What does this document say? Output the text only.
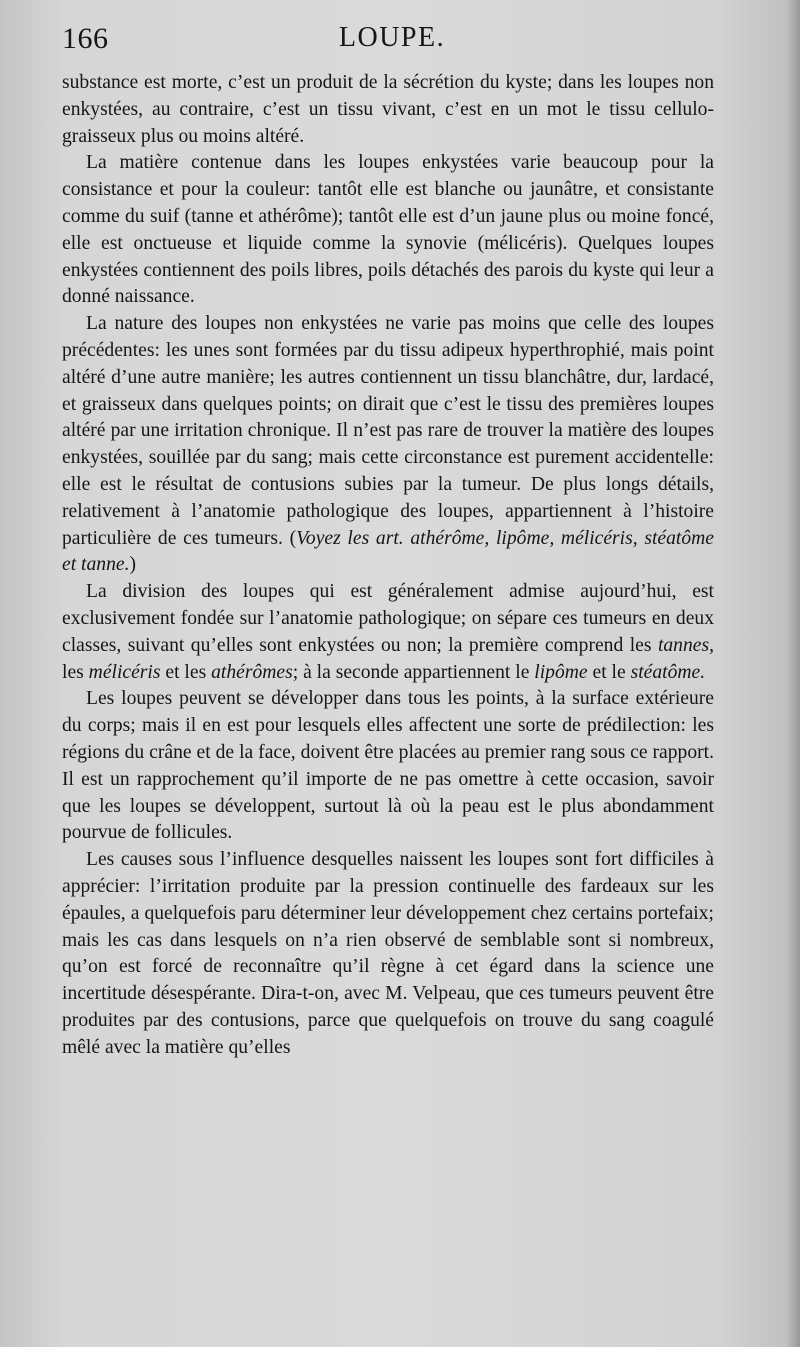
166	LOUPE.

substance est morte, c’est un produit de la sécrétion du kyste; dans les loupes non enkystées, au contraire, c’est un tissu vivant, c’est en un mot le tissu cellulo-graisseux plus ou moins altéré.

La matière contenue dans les loupes enkystées varie beaucoup pour la consistance et pour la couleur: tantôt elle est blanche ou jaunâtre, et consistante comme du suif (tanne et athérôme); tantôt elle est d’un jaune plus ou moine foncé, elle est onctueuse et liquide comme la synovie (mélicéris). Quelques loupes enkystées contiennent des poils libres, poils détachés des parois du kyste qui leur a donné naissance.

La nature des loupes non enkystées ne varie pas moins que celle des loupes précédentes: les unes sont formées par du tissu adipeux hyperthrophié, mais point altéré d’une autre manière; les autres contiennent un tissu blanchâtre, dur, lardacé, et graisseux dans quelques points; on dirait que c’est le tissu des premières loupes altéré par une irritation chronique. Il n’est pas rare de trouver la matière des loupes enkystées, souillée par du sang; mais cette circonstance est purement accidentelle: elle est le résultat de contusions subies par la tumeur. De plus longs détails, relativement à l’anatomie pathologique des loupes, appartiennent à l’histoire particulière de ces tumeurs. (Voyez les art. athérôme, lipôme, mélicéris, stéatôme et tanne.)

La division des loupes qui est généralement admise aujourd’hui, est exclusivement fondée sur l’anatomie pathologique; on sépare ces tumeurs en deux classes, suivant qu’elles sont enkystées ou non; la première comprend les tannes, les mélicéris et les athérômes; à la seconde appartiennent le lipôme et le stéatôme.

Les loupes peuvent se développer dans tous les points, à la surface extérieure du corps; mais il en est pour lesquels elles affectent une sorte de prédilection: les régions du crâne et de la face, doivent être placées au premier rang sous ce rapport. Il est un rapprochement qu’il importe de ne pas omettre à cette occasion, savoir que les loupes se développent, surtout là où la peau est le plus abondamment pourvue de follicules.

Les causes sous l’influence desquelles naissent les loupes sont fort difficiles à apprécier: l’irritation produite par la pression continuelle des fardeaux sur les épaules, a quelquefois paru déterminer leur développement chez certains portefaix; mais les cas dans lesquels on n’a rien observé de semblable sont si nombreux, qu’on est forcé de reconnaître qu’il règne à cet égard dans la science une incertitude désespérante. Dira-t-on, avec M. Velpeau, que ces tumeurs peuvent être produites par des contusions, parce que quelquefois on trouve du sang coagulé mêlé avec la matière qu’elles
